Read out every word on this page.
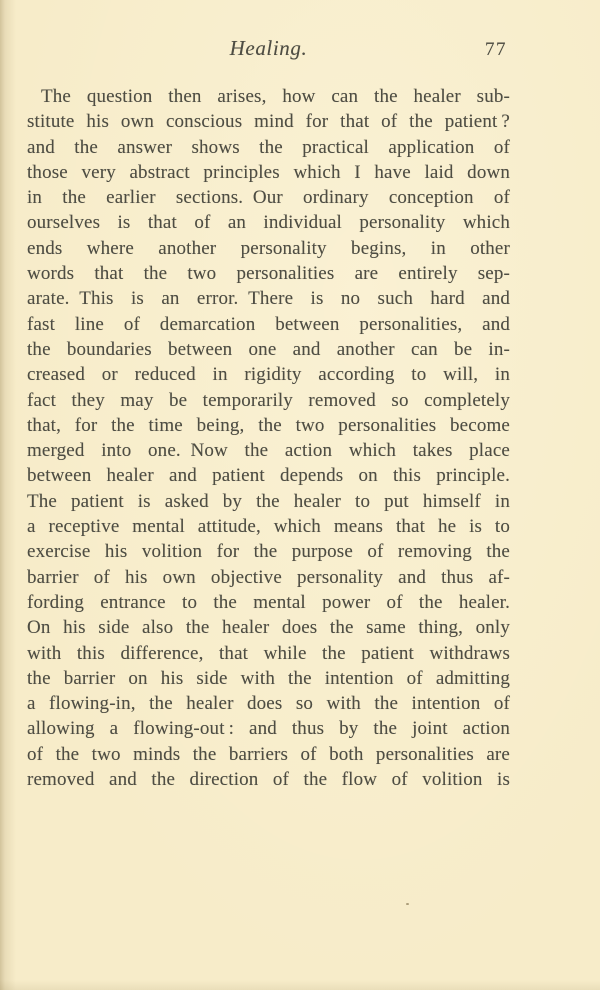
Healing.	77
The question then arises, how can the healer sub-
stitute his own conscious mind for that of the patient ?
and the answer shows the practical application of
those very abstract principles which I have laid down
in the earlier sections. Our ordinary conception of
ourselves is that of an individual personality which
ends where another personality begins, in other
words that the two personalities are entirely sep-
arate. This is an error. There is no such hard and
fast line of demarcation between personalities, and
the boundaries between one and another can be in-
creased or reduced in rigidity according to will, in
fact they may be temporarily removed so completely
that, for the time being, the two personalities become
merged into one. Now the action which takes place
between healer and patient depends on this principle.
The patient is asked by the healer to put himself in
a receptive mental attitude, which means that he is to
exercise his volition for the purpose of removing the
barrier of his own objective personality and thus af-
fording entrance to the mental power of the healer.
On his side also the healer does the same thing, only
with this difference, that while the patient withdraws
the barrier on his side with the intention of admitting
a flowing-in, the healer does so with the intention of
allowing a flowing-out : and thus by the joint action
of the two minds the barriers of both personalities are
removed and the direction of the flow of volition is
